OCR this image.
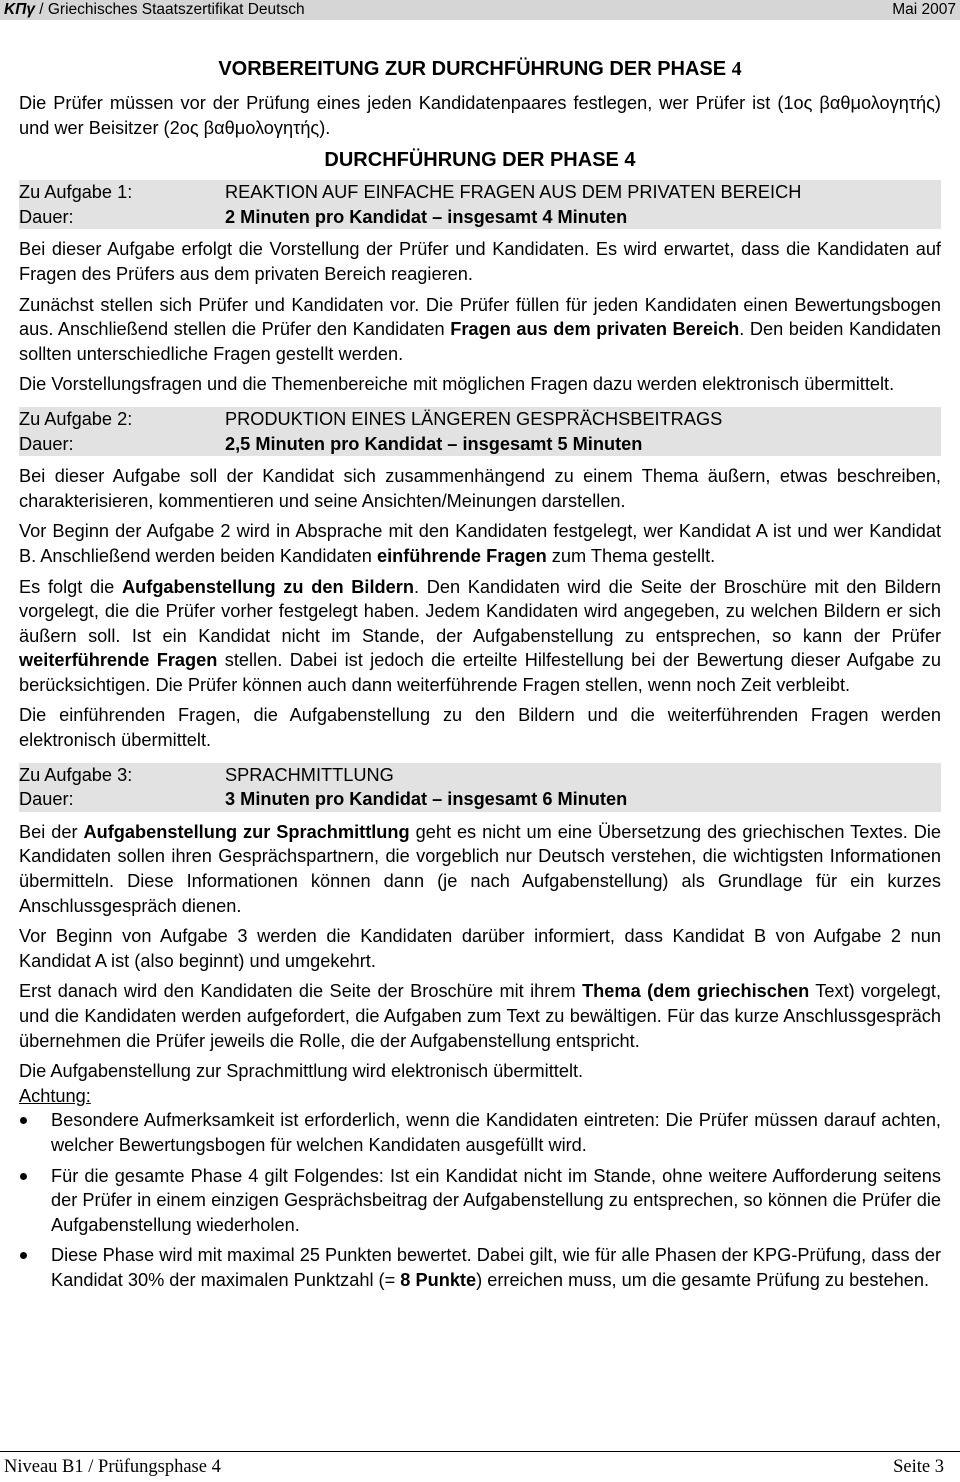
ΚΠγ / Griechisches Staatszertifikat Deutsch	Mai 2007
VORBEREITUNG ZUR DURCHFÜHRUNG DER PHASE 4

Die Prüfer müssen vor der Prüfung eines jeden Kandidatenpaares festlegen, wer Prüfer ist (1ος βαθμολογητής) und wer Beisitzer (2ος βαθμολογητής).

DURCHFÜHRUNG DER PHASE 4
Zu Aufgabe 1:	REAKTION AUF EINFACHE FRAGEN AUS DEM PRIVATEN BEREICH
Dauer:	2 Minuten pro Kandidat – insgesamt 4 Minuten

Bei dieser Aufgabe erfolgt die Vorstellung der Prüfer und Kandidaten. Es wird erwartet, dass die Kandidaten auf Fragen des Prüfers aus dem privaten Bereich reagieren.

Zunächst stellen sich Prüfer und Kandidaten vor. Die Prüfer füllen für jeden Kandidaten einen Bewertungsbogen aus. Anschließend stellen die Prüfer den Kandidaten Fragen aus dem privaten Bereich. Den beiden Kandidaten sollten unterschiedliche Fragen gestellt werden.

Die Vorstellungsfragen und die Themenbereiche mit möglichen Fragen dazu werden elektronisch übermittelt.

Zu Aufgabe 2:	PRODUKTION EINES LÄNGEREN GESPRÄCHSBEITRAGS
Dauer:	2,5 Minuten pro Kandidat – insgesamt 5 Minuten

Bei dieser Aufgabe soll der Kandidat sich zusammenhängend zu einem Thema äußern, etwas beschreiben, charakterisieren, kommentieren und seine Ansichten/Meinungen darstellen.

Vor Beginn der Aufgabe 2 wird in Absprache mit den Kandidaten festgelegt, wer Kandidat A ist und wer Kandidat B. Anschließend werden beiden Kandidaten einführende Fragen zum Thema gestellt.

Es folgt die Aufgabenstellung zu den Bildern. Den Kandidaten wird die Seite der Broschüre mit den Bildern vorgelegt, die die Prüfer vorher festgelegt haben. Jedem Kandidaten wird angegeben, zu welchen Bildern er sich äußern soll. Ist ein Kandidat nicht im Stande, der Aufgabenstellung zu entsprechen, so kann der Prüfer weiterführende Fragen stellen. Dabei ist jedoch die erteilte Hilfestellung bei der Bewertung dieser Aufgabe zu berücksichtigen. Die Prüfer können auch dann weiterführende Fragen stellen, wenn noch Zeit verbleibt.

Die einführenden Fragen, die Aufgabenstellung zu den Bildern und die weiterführenden Fragen werden elektronisch übermittelt.

Zu Aufgabe 3:	SPRACHMITTLUNG
Dauer:	3 Minuten pro Kandidat – insgesamt 6 Minuten

Bei der Aufgabenstellung zur Sprachmittlung geht es nicht um eine Übersetzung des griechischen Textes. Die Kandidaten sollen ihren Gesprächspartnern, die vorgeblich nur Deutsch verstehen, die wichtigsten Informationen übermitteln. Diese Informationen können dann (je nach Aufgabenstellung) als Grundlage für ein kurzes Anschlussgespräch dienen.

Vor Beginn von Aufgabe 3 werden die Kandidaten darüber informiert, dass Kandidat B von Aufgabe 2 nun Kandidat A ist (also beginnt) und umgekehrt.

Erst danach wird den Kandidaten die Seite der Broschüre mit ihrem Thema (dem griechischen Text) vorgelegt, und die Kandidaten werden aufgefordert, die Aufgaben zum Text zu bewältigen. Für das kurze Anschlussgespräch übernehmen die Prüfer jeweils die Rolle, die der Aufgabenstellung entspricht.

Die Aufgabenstellung zur Sprachmittlung wird elektronisch übermittelt.

Achtung:
Besondere Aufmerksamkeit ist erforderlich, wenn die Kandidaten eintreten: Die Prüfer müssen darauf achten, welcher Bewertungsbogen für welchen Kandidaten ausgefüllt wird.
Für die gesamte Phase 4 gilt Folgendes: Ist ein Kandidat nicht im Stande, ohne weitere Aufforderung seitens der Prüfer in einem einzigen Gesprächsbeitrag der Aufgabenstellung zu entsprechen, so können die Prüfer die Aufgabenstellung wiederholen.
Diese Phase wird mit maximal 25 Punkten bewertet. Dabei gilt, wie für alle Phasen der KPG-Prüfung, dass der Kandidat 30% der maximalen Punktzahl (= 8 Punkte) erreichen muss, um die gesamte Prüfung zu bestehen.
Niveau B1 / Prüfungsphase 4	Seite 3
